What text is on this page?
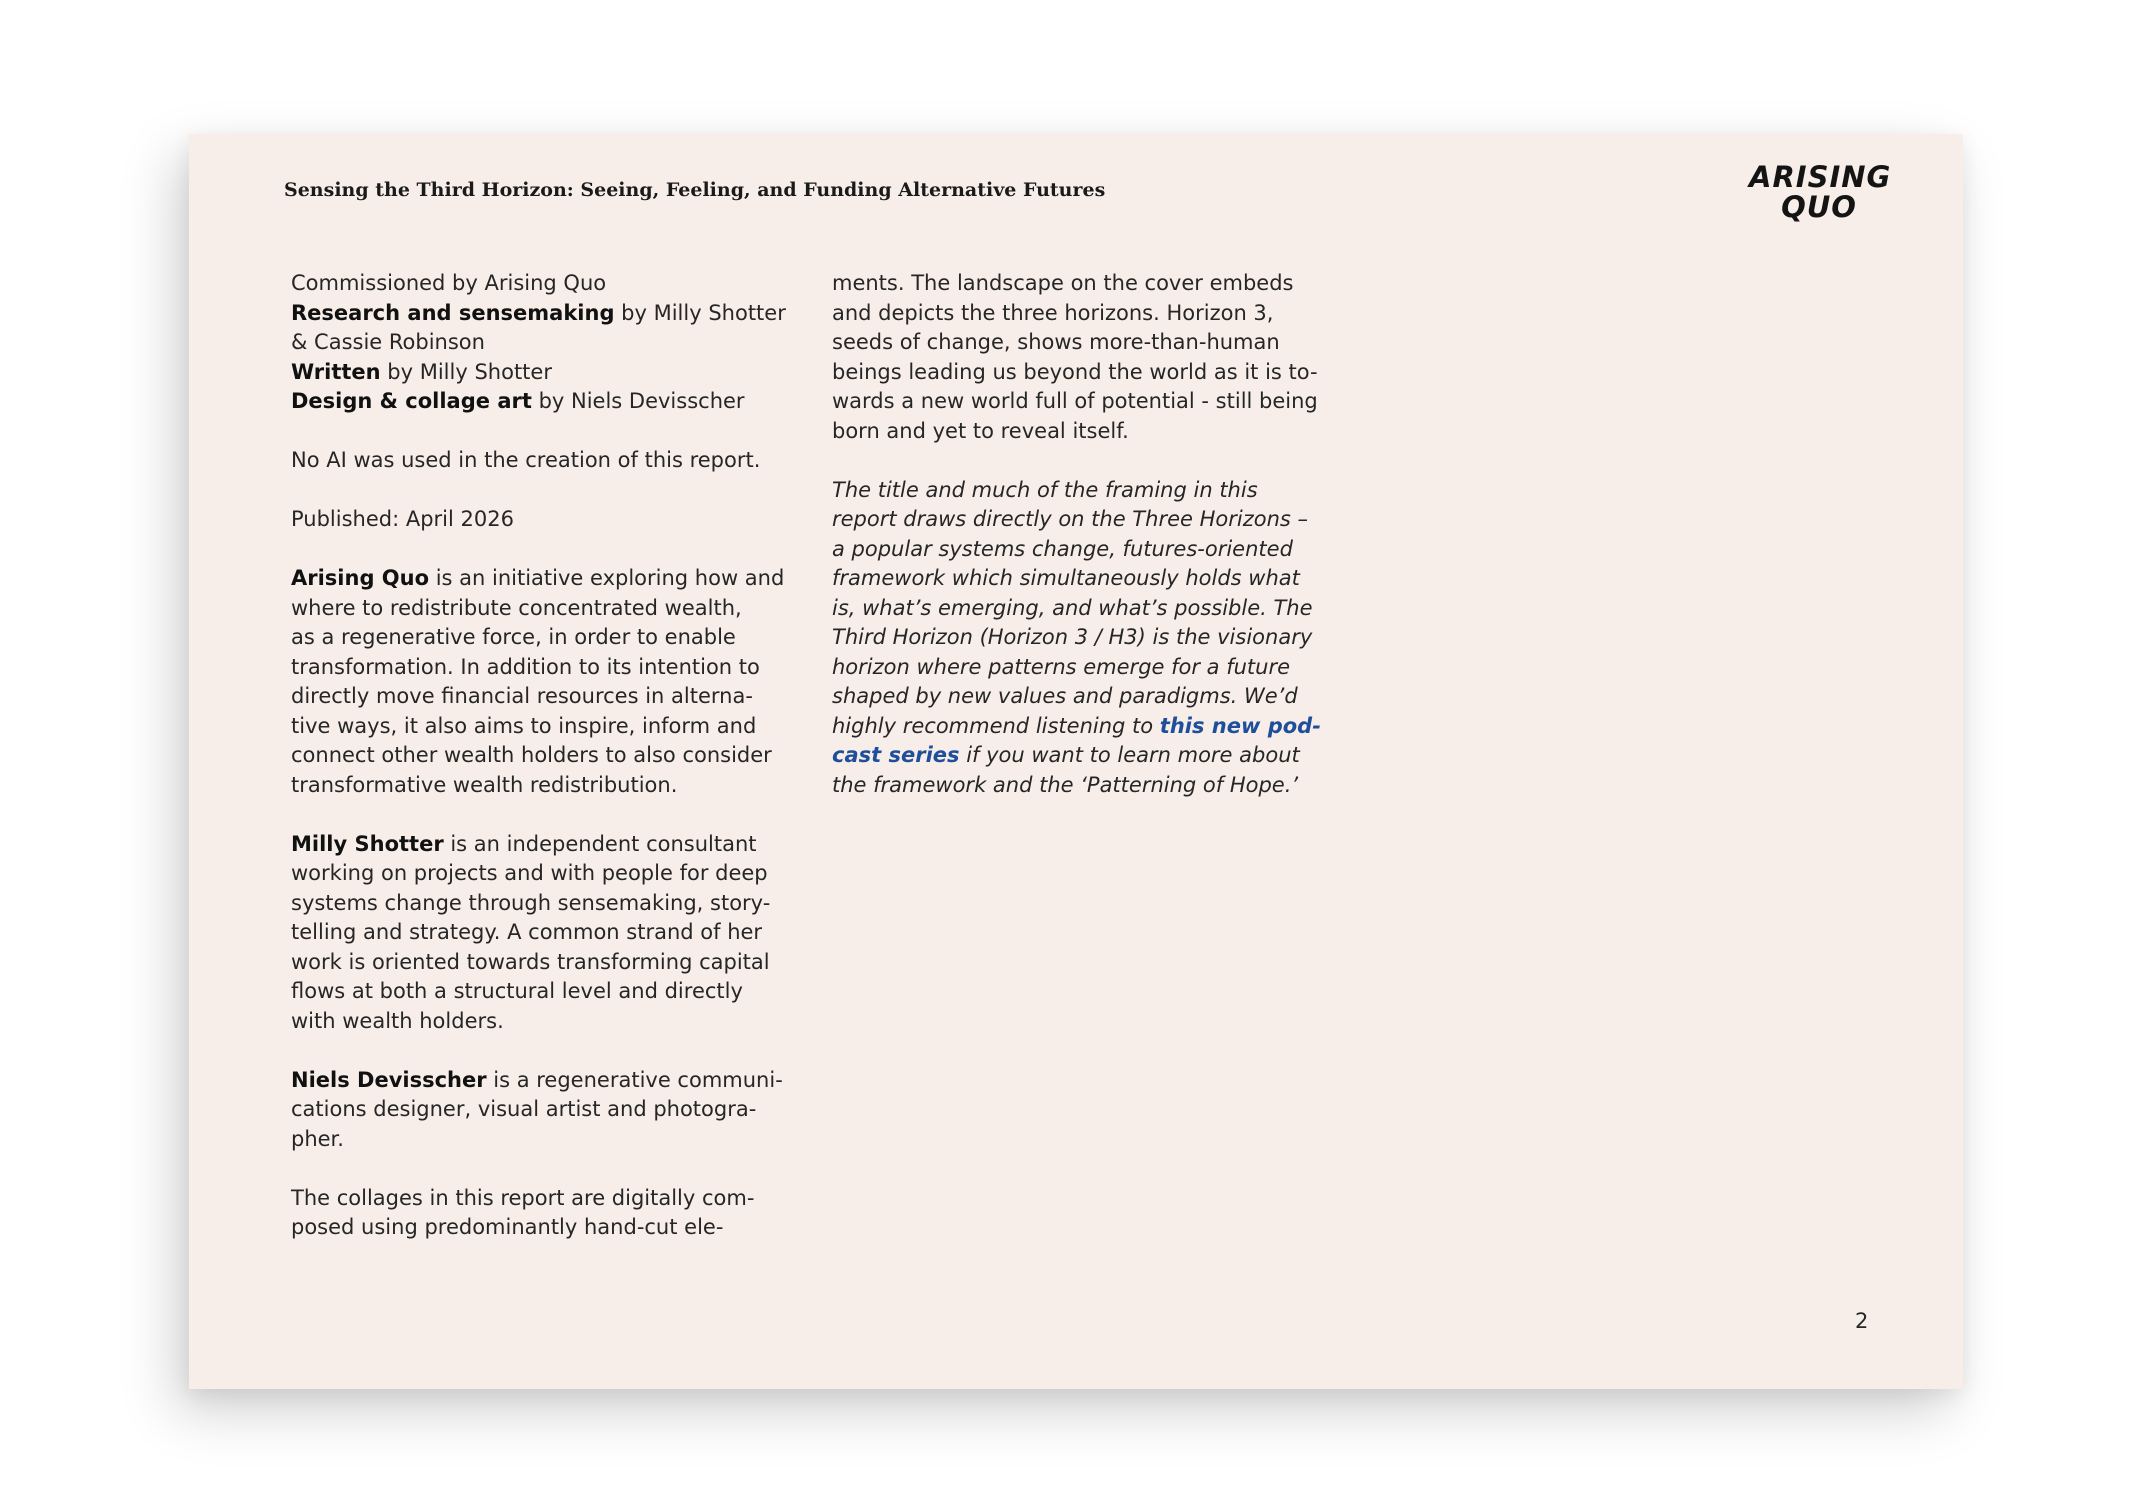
Sensing the Third Horizon: Seeing, Feeling, and Funding Alternative Futures	ARISING
QUO

Commissioned by Arising Quo
Research and sensemaking by Milly Shotter
& Cassie Robinson
Written by Milly Shotter
Design & collage art by Niels Devisscher

No AI was used in the creation of this report.

Published: April 2026

Arising Quo is an initiative exploring how and
where to redistribute concentrated wealth,
as a regenerative force, in order to enable
transformation. In addition to its intention to
directly move financial resources in alterna-
tive ways, it also aims to inspire, inform and
connect other wealth holders to also consider
transformative wealth redistribution.

Milly Shotter is an independent consultant
working on projects and with people for deep
systems change through sensemaking, story-
telling and strategy. A common strand of her
work is oriented towards transforming capital
flows at both a structural level and directly
with wealth holders.

Niels Devisscher is a regenerative communi-
cations designer, visual artist and photogra-
pher.

The collages in this report are digitally com-
posed using predominantly hand-cut ele-

ments. The landscape on the cover embeds
and depicts the three horizons. Horizon 3,
seeds of change, shows more-than-human
beings leading us beyond the world as it is to-
wards a new world full of potential - still being
born and yet to reveal itself.

The title and much of the framing in this
report draws directly on the Three Horizons –
a popular systems change, futures-oriented
framework which simultaneously holds what
is, what’s emerging, and what’s possible. The
Third Horizon (Horizon 3 / H3) is the visionary
horizon where patterns emerge for a future
shaped by new values and paradigms. We’d
highly recommend listening to this new pod-
cast series if you want to learn more about
the framework and the ‘Patterning of Hope.’

2
